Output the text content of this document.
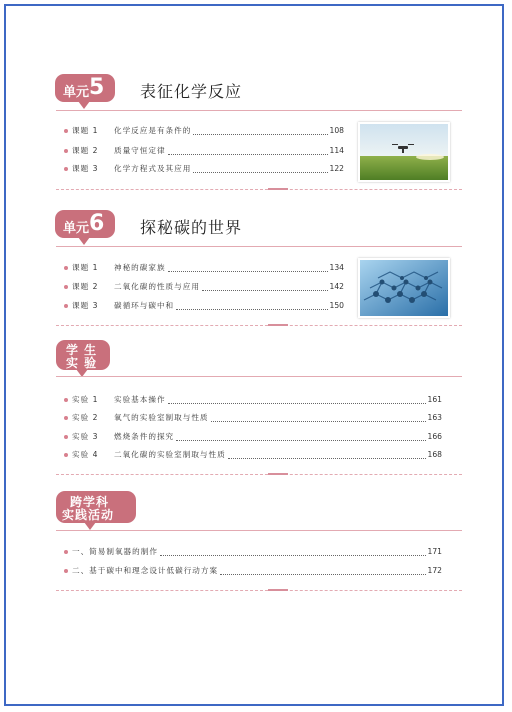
单元 5 表征化学反应
课题 1	化学反应是有条件的	108
课题 2	质量守恒定律	114
课题 3	化学方程式及其应用	122
单元 6 探秘碳的世界
课题 1	神秘的碳家族	134
课题 2	二氧化碳的性质与应用	142
课题 3	碳循环与碳中和	150
学 生
实 验
实验 1	实验基本操作	161
实验 2	氧气的实验室制取与性质	163
实验 3	燃烧条件的探究	166
实验 4	二氧化碳的实验室制取与性质	168
跨学科
实践活动
一、简易制氧器的制作	171
二、基于碳中和理念设计低碳行动方案	172
